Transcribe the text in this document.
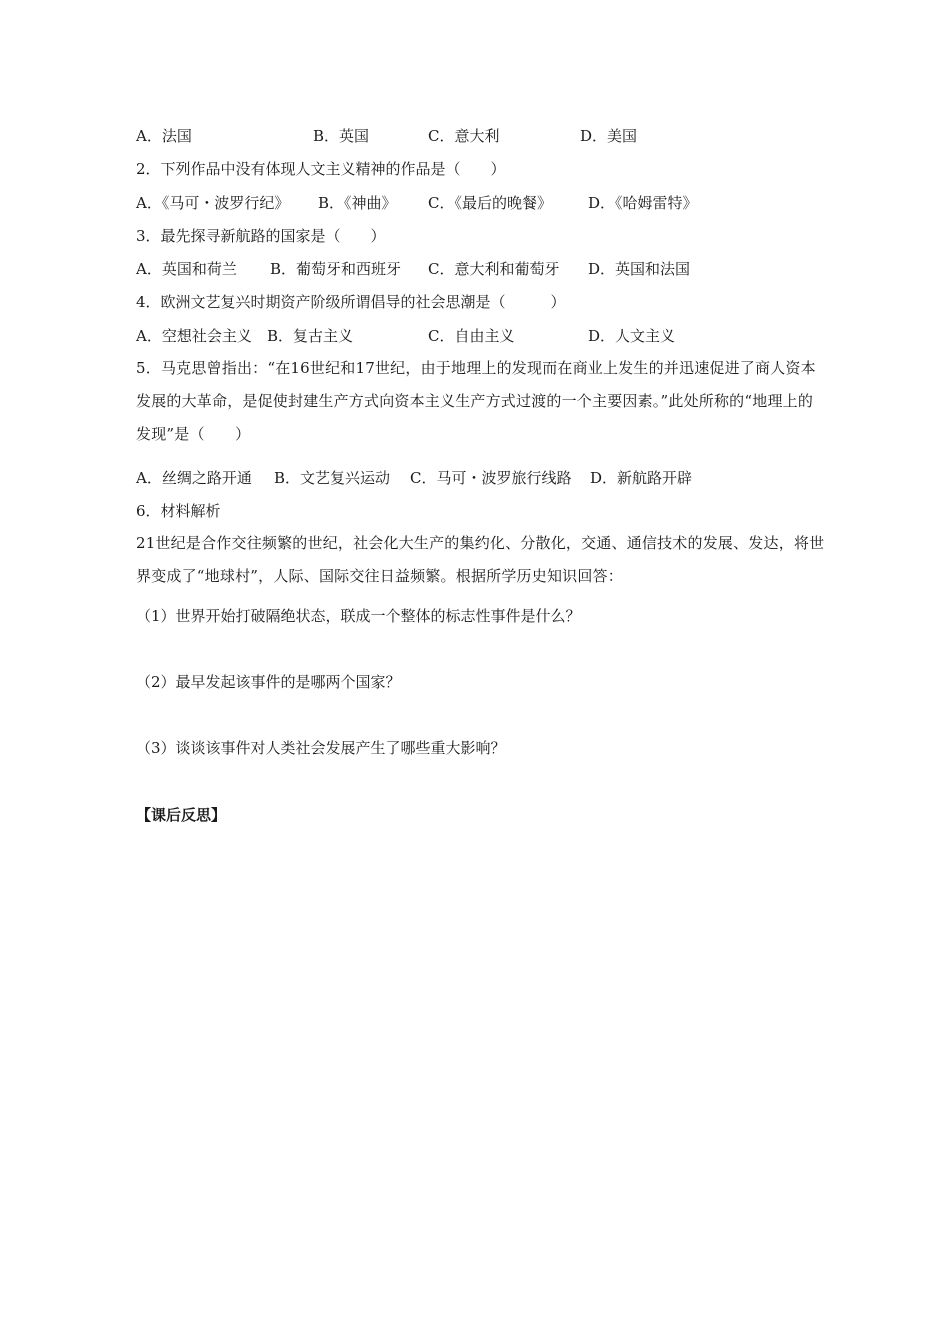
A．法国	B．英国	C．意大利	D．美国
2．下列作品中没有体现人文主义精神的作品是（　　）
A．《马可・波罗行纪》 B．《神曲》 C．《最后的晚餐》 D．《哈姆雷特》
3．最先探寻新航路的国家是（　　）
A．英国和荷兰 B．葡萄牙和西班牙 C．意大利和葡萄牙 D．英国和法国
4．欧洲文艺复兴时期资产阶级所谓倡导的社会思潮是（　　　）
A．空想社会主义 B．复古主义	C．自由主义	D．人文主义
5．马克思曾指出：“在16世纪和17世纪，由于地理上的发现而在商业上发生的并迅速促进了商人资本发展的大革命，是促使封建生产方式向资本主义生产方式过渡的一个主要因素。”此处所称的“地理上的发现”是（　　）
A．丝绸之路开通 B．文艺复兴运动 C．马可・波罗旅行线路 D．新航路开辟
6．材料解析
21世纪是合作交往频繁的世纪，社会化大生产的集约化、分散化，交通、通信技术的发展、发达，将世界变成了“地球村”，人际、国际交往日益频繁。根据所学历史知识回答：
（1）世界开始打破隔绝状态，联成一个整体的标志性事件是什么？
（2）最早发起该事件的是哪两个国家？
（3）谈谈该事件对人类社会发展产生了哪些重大影响？
【课后反思】
